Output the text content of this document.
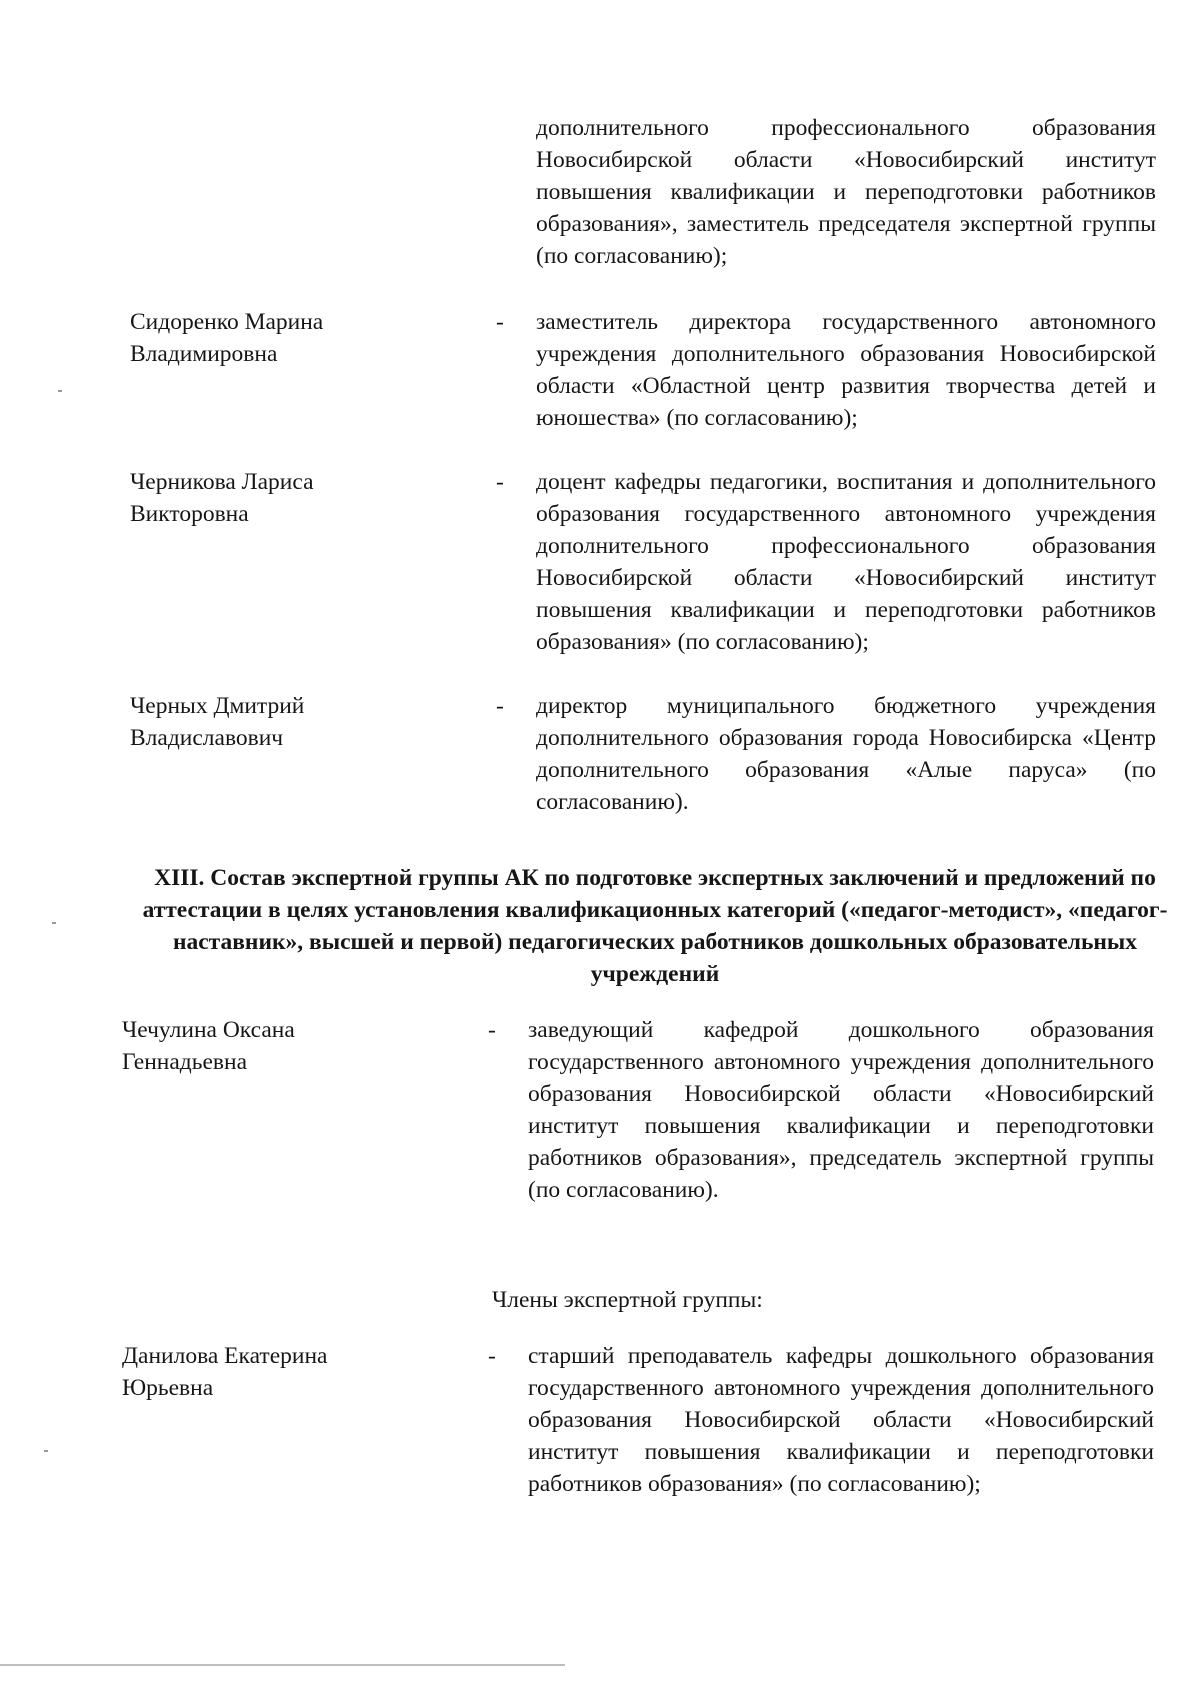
дополнительного профессионального образования Новосибирской области «Новосибирский институт повышения квалификации и переподготовки работников образования», заместитель председателя экспертной группы (по согласованию);
Сидоренко Марина
Владимировна
- заместитель директора государственного автономного учреждения дополнительного образования Новосибирской области «Областной центр развития творчества детей и юношества» (по согласованию);
Черникова Лариса
Викторовна
- доцент кафедры педагогики, воспитания и дополнительного образования государственного автономного учреждения дополнительного профессионального образования Новосибирской области «Новосибирский институт повышения квалификации и переподготовки работников образования» (по согласованию);
Черных Дмитрий
Владиславович
- директор муниципального бюджетного учреждения дополнительного образования города Новосибирска «Центр дополнительного образования «Алые паруса» (по согласованию).
XIII. Состав экспертной группы АК по подготовке экспертных заключений и предложений по аттестации в целях установления квалификационных категорий («педагог-методист», «педагог-наставник», высшей и первой) педагогических работников дошкольных образовательных учреждений
Чечулина Оксана
Геннадьевна
- заведующий кафедрой дошкольного образования государственного автономного учреждения дополнительного образования Новосибирской области «Новосибирский институт повышения квалификации и переподготовки работников образования», председатель экспертной группы (по согласованию).
Члены экспертной группы:
Данилова Екатерина
Юрьевна
- старший преподаватель кафедры дошкольного образования государственного автономного учреждения дополнительного образования Новосибирской области «Новосибирский институт повышения квалификации и переподготовки работников образования» (по согласованию);
